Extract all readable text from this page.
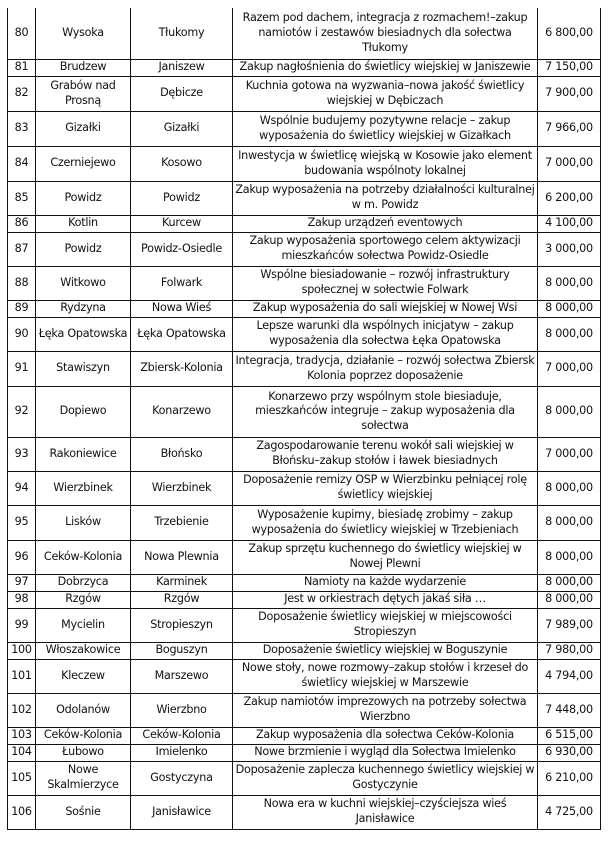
80	Wysoka	Tłukomy	Razem pod dachem, integracja z rozmachem!–zakup namiotów i zestawów biesiadnych dla sołectwa Tłukomy	6 800,00
81	Brudzew	Janiszew	Zakup nagłośnienia do świetlicy wiejskiej w Janiszewie	7 150,00
82	Grabów nad Prosną	Dębicze	Kuchnia gotowa na wyzwania–nowa jakość świetlicy wiejskiej w Dębiczach	7 900,00
83	Gizałki	Gizałki	Wspólnie budujemy pozytywne relacje – zakup wyposażenia do świetlicy wiejskiej w Gizałkach	7 966,00
84	Czerniejewo	Kosowo	Inwestycja w świetlicę wiejską w Kosowie jako element budowania wspólnoty lokalnej	7 000,00
85	Powidz	Powidz	Zakup wyposażenia na potrzeby działalności kulturalnej w m. Powidz	6 200,00
86	Kotlin	Kurcew	Zakup urządzeń eventowych	4 100,00
87	Powidz	Powidz-Osiedle	Zakup wyposażenia sportowego celem aktywizacji mieszkańców sołectwa Powidz-Osiedle	3 000,00
88	Witkowo	Folwark	Wspólne biesiadowanie – rozwój infrastruktury społecznej w sołectwie Folwark	8 000,00
89	Rydzyna	Nowa Wieś	Zakup wyposażenia do sali wiejskiej w Nowej Wsi	8 000,00
90	Łęka Opatowska	Łęka Opatowska	Lepsze warunki dla wspólnych inicjatyw – zakup wyposażenia dla sołectwa Łęka Opatowska	8 000,00
91	Stawiszyn	Zbiersk-Kolonia	Integracja, tradycja, działanie – rozwój sołectwa Zbiersk Kolonia poprzez doposażenie	7 000,00
92	Dopiewo	Konarzewo	Konarzewo przy wspólnym stole biesiaduje, mieszkańców integruje – zakup wyposażenia dla sołectwa	8 000,00
93	Rakoniewice	Błońsko	Zagospodarowanie terenu wokół sali wiejskiej w Błońsku–zakup stołów i ławek biesiadnych	7 000,00
94	Wierzbinek	Wierzbinek	Doposażenie remizy OSP w Wierzbinku pełniącej rolę świetlicy wiejskiej	8 000,00
95	Lisków	Trzebienie	Wyposażenie kupimy, biesiadę zrobimy – zakup wyposażenia do świetlicy wiejskiej w Trzebieniach	8 000,00
96	Ceków-Kolonia	Nowa Plewnia	Zakup sprzętu kuchennego do świetlicy wiejskiej w Nowej Plewni	8 000,00
97	Dobrzyca	Karminek	Namioty na każde wydarzenie	8 000,00
98	Rzgów	Rzgów	Jest w orkiestrach dętych jakaś siła …	8 000,00
99	Mycielin	Stropieszyn	Doposażenie świetlicy wiejskiej w miejscowości Stropieszyn	7 989,00
100	Włoszakowice	Boguszyn	Doposażenie świetlicy wiejskiej w Boguszynie	7 980,00
101	Kleczew	Marszewo	Nowe stoły, nowe rozmowy–zakup stołów i krzeseł do świetlicy wiejskiej w Marszewie	4 794,00
102	Odolanów	Wierzbno	Zakup namiotów imprezowych na potrzeby sołectwa Wierzbno	7 448,00
103	Ceków-Kolonia	Ceków-Kolonia	Zakup wyposażenia dla sołectwa Ceków-Kolonia	6 515,00
104	Łubowo	Imielenko	Nowe brzmienie i wygląd dla Sołectwa Imielenko	6 930,00
105	Nowe Skalmierzyce	Gostyczyna	Doposażenie zaplecza kuchennego świetlicy wiejskiej w Gostyczynie	6 210,00
106	Sośnie	Janisławice	Nowa era w kuchni wiejskiej–czyściejsza wieś Janisławice	4 725,00
